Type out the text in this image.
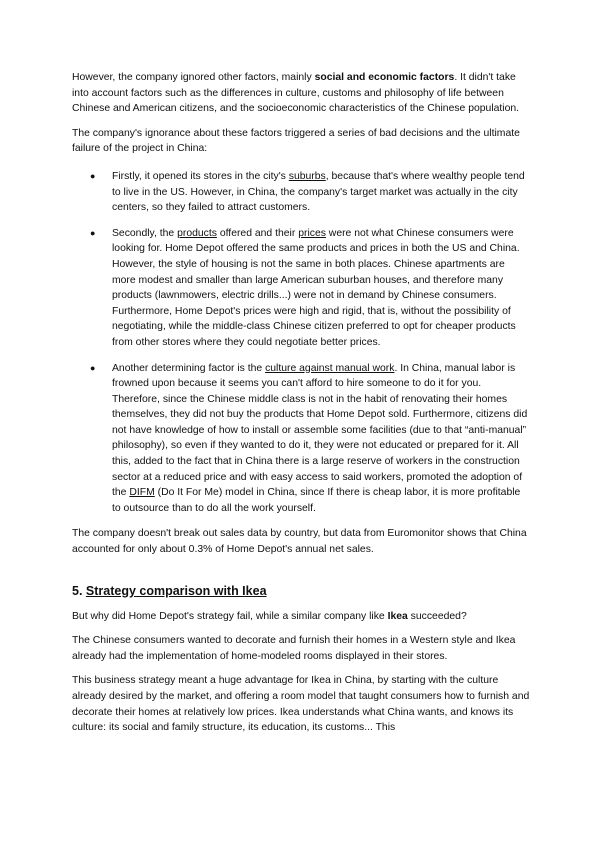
However, the company ignored other factors, mainly social and economic factors. It didn't take into account factors such as the differences in culture, customs and philosophy of life between Chinese and American citizens, and the socioeconomic characteristics of the Chinese population.

The company's ignorance about these factors triggered a series of bad decisions and the ultimate failure of the project in China:

● Firstly, it opened its stores in the city's suburbs, because that's where wealthy people tend to live in the US. However, in China, the company's target market was actually in the city centers, so they failed to attract customers.
● Secondly, the products offered and their prices were not what Chinese consumers were looking for. Home Depot offered the same products and prices in both the US and China. However, the style of housing is not the same in both places. Chinese apartments are more modest and smaller than large American suburban houses, and therefore many products (lawnmowers, electric drills...) were not in demand by Chinese consumers. Furthermore, Home Depot's prices were high and rigid, that is, without the possibility of negotiating, while the middle-class Chinese citizen preferred to opt for cheaper products from other stores where they could negotiate better prices.
● Another determining factor is the culture against manual work. In China, manual labor is frowned upon because it seems you can't afford to hire someone to do it for you. Therefore, since the Chinese middle class is not in the habit of renovating their homes themselves, they did not buy the products that Home Depot sold. Furthermore, citizens did not have knowledge of how to install or assemble some facilities (due to that “anti-manual” philosophy), so even if they wanted to do it, they were not educated or prepared for it. All this, added to the fact that in China there is a large reserve of workers in the construction sector at a reduced price and with easy access to said workers, promoted the adoption of the DIFM (Do It For Me) model in China, since If there is cheap labor, it is more profitable to outsource than to do all the work yourself.

The company doesn't break out sales data by country, but data from Euromonitor shows that China accounted for only about 0.3% of Home Depot's annual net sales.

5. Strategy comparison with Ikea

But why did Home Depot's strategy fail, while a similar company like Ikea succeeded?

The Chinese consumers wanted to decorate and furnish their homes in a Western style and Ikea already had the implementation of home-modeled rooms displayed in their stores.

This business strategy meant a huge advantage for Ikea in China, by starting with the culture already desired by the market, and offering a room model that taught consumers how to furnish and decorate their homes at relatively low prices. Ikea understands what China wants, and knows its culture: its social and family structure, its education, its customs... This
